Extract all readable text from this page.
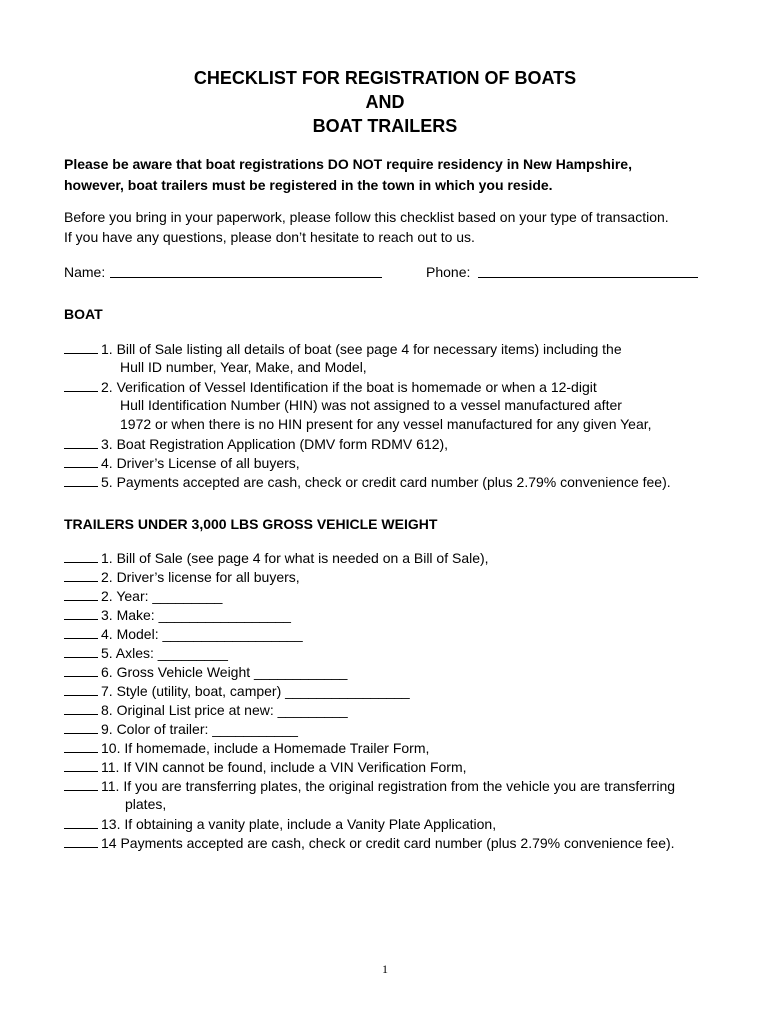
CHECKLIST FOR REGISTRATION OF BOATS
AND
BOAT TRAILERS
Please be aware that boat registrations DO NOT require residency in New Hampshire,
however, boat trailers must be registered in the town in which you reside.
Before you bring in your paperwork, please follow this checklist based on your type of transaction.
If you have any questions, please don’t hesitate to reach out to us.
Name:	Phone:
BOAT
1. Bill of Sale listing all details of boat (see page 4 for necessary items) including the
Hull ID number, Year, Make, and Model,
2. Verification of Vessel Identification if the boat is homemade or when a 12-digit
Hull Identification Number (HIN) was not assigned to a vessel manufactured after
1972 or when there is no HIN present for any vessel manufactured for any given Year,
3. Boat Registration Application (DMV form RDMV 612),
4. Driver’s License of all buyers,
5. Payments accepted are cash, check or credit card number (plus 2.79% convenience fee).
TRAILERS UNDER 3,000 LBS GROSS VEHICLE WEIGHT
1. Bill of Sale (see page 4 for what is needed on a Bill of Sale),
2. Driver’s license for all buyers,
2. Year: _________
3. Make: _________________
4. Model: __________________
5. Axles: _________
6. Gross Vehicle Weight ____________
7. Style (utility, boat, camper) ________________
8. Original List price at new: _________
9. Color of trailer: ___________
10. If homemade, include a Homemade Trailer Form,
11. If VIN cannot be found, include a VIN Verification Form,
11. If you are transferring plates, the original registration from the vehicle you are transferring
plates,
13. If obtaining a vanity plate, include a Vanity Plate Application,
14 Payments accepted are cash, check or credit card number (plus 2.79% convenience fee).
1
